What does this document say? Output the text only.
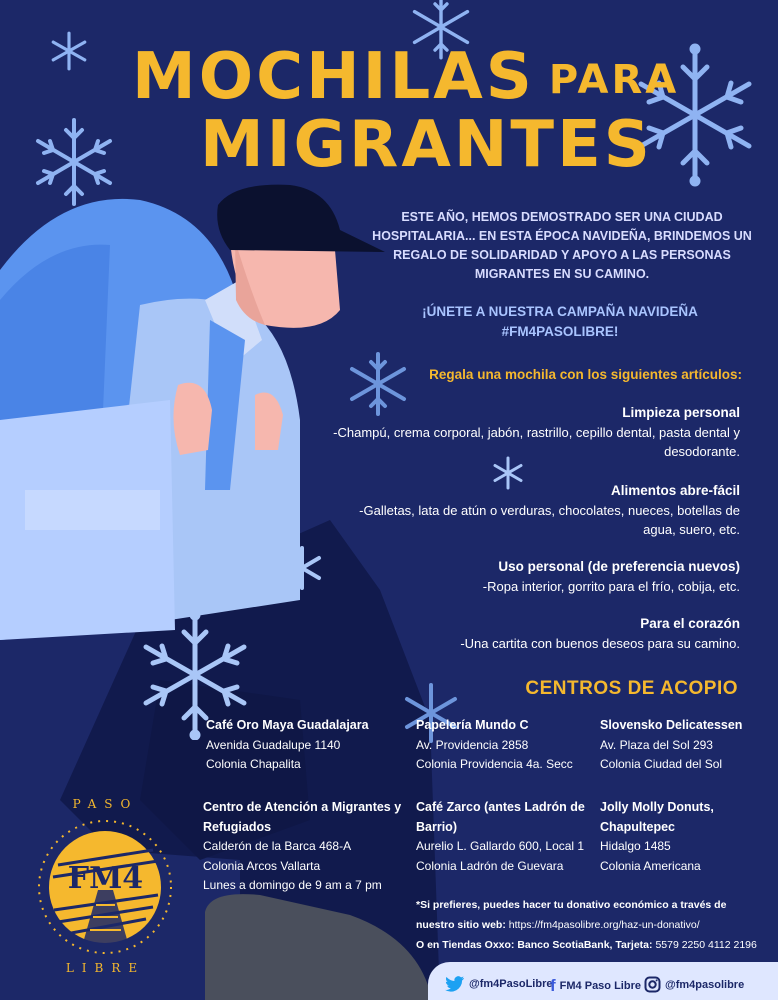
MOCHILAS PARA
MIGRANTES
ESTE AÑO, HEMOS DEMOSTRADO SER UNA CIUDAD HOSPITALARIA... EN ESTA ÉPOCA NAVIDEÑA, BRINDEMOS UN REGALO DE SOLIDARIDAD Y APOYO A LAS PERSONAS MIGRANTES EN SU CAMINO.
¡ÚNETE A NUESTRA CAMPAÑA NAVIDEÑA
#FM4PASOLIBRE!
Regala una mochila con los siguientes artículos:
Limpieza personal
-Champú, crema corporal, jabón, rastrillo, cepillo dental, pasta dental y desodorante.
Alimentos abre-fácil
-Galletas, lata de atún o verduras, chocolates, nueces, botellas de agua, suero, etc.
Uso personal (de preferencia nuevos)
-Ropa interior, gorrito para el frío, cobija, etc.
Para el corazón
-Una cartita con buenos deseos para su camino.
CENTROS DE ACOPIO
Café Oro Maya Guadalajara
Avenida Guadalupe 1140
Colonia Chapalita
Papelería Mundo C
Av. Providencia 2858
Colonia Providencia 4a. Secc
Slovensko Delicatessen
Av. Plaza del Sol 293
Colonia Ciudad del Sol
Centro de Atención a Migrantes y Refugiados
Calderón de la Barca 468-A
Colonia Arcos Vallarta
Lunes a domingo de 9 am a 7 pm
Café Zarco (antes Ladrón de Barrio)
Aurelio L. Gallardo 600, Local 1
Colonia Ladrón de Guevara
Jolly Molly Donuts, Chapultepec
Hidalgo 1485
Colonia Americana
*Si prefieres, puedes hacer tu donativo económico a través de nuestro sitio web: https://fm4pasolibre.org/haz-un-donativo/
O en Tiendas Oxxo: Banco ScotiaBank, Tarjeta: 5579 2250 4112 2196
PASO
FM4
LIBRE
@fm4PasoLibre
f FM4 Paso Libre @fm4pasolibre
